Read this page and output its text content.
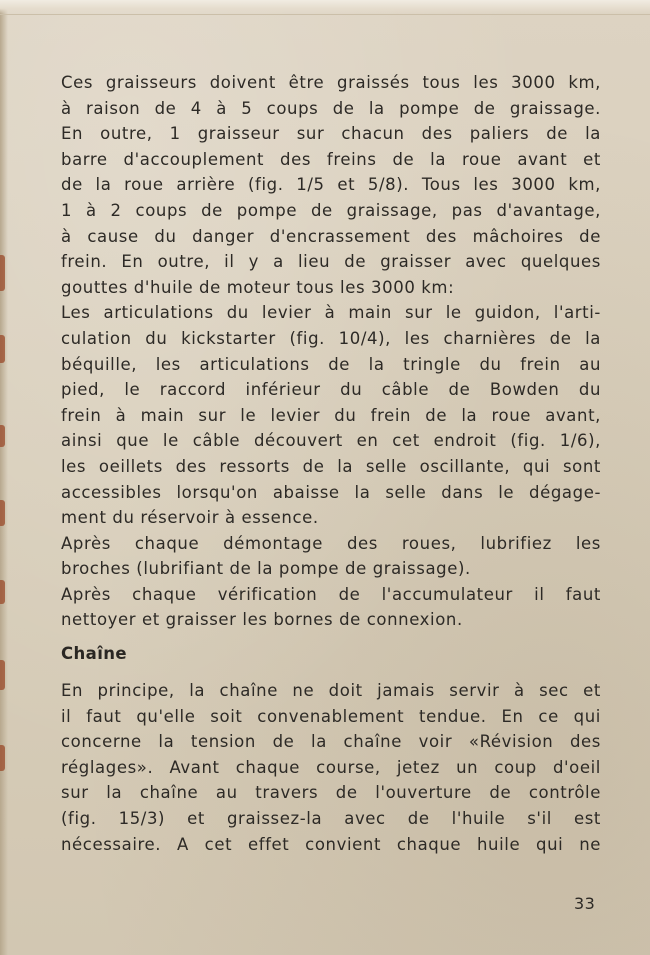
Ces graisseurs doivent être graissés tous les 3000 km,
à raison de 4 à 5 coups de la pompe de graissage.
En outre, 1 graisseur sur chacun des paliers de la
barre d'accouplement des freins de la roue avant et
de la roue arrière (fig. 1/5 et 5/8). Tous les 3000 km,
1 à 2 coups de pompe de graissage, pas d'avantage,
à cause du danger d'encrassement des mâchoires de
frein. En outre, il y a lieu de graisser avec quelques
gouttes d'huile de moteur tous les 3000 km:
Les articulations du levier à main sur le guidon, l'arti-
culation du kickstarter (fig. 10/4), les charnières de la
béquille, les articulations de la tringle du frein au
pied, le raccord inférieur du câble de Bowden du
frein à main sur le levier du frein de la roue avant,
ainsi que le câble découvert en cet endroit (fig. 1/6),
les oeillets des ressorts de la selle oscillante, qui sont
accessibles lorsqu'on abaisse la selle dans le dégage-
ment du réservoir à essence.
Après chaque démontage des roues, lubrifiez les
broches (lubrifiant de la pompe de graissage).
Après chaque vérification de l'accumulateur il faut
nettoyer et graisser les bornes de connexion.
Chaîne
En principe, la chaîne ne doit jamais servir à sec et
il faut qu'elle soit convenablement tendue. En ce qui
concerne la tension de la chaîne voir «Révision des
réglages». Avant chaque course, jetez un coup d'oeil
sur la chaîne au travers de l'ouverture de contrôle
(fig. 15/3) et graissez-la avec de l'huile s'il est
nécessaire. A cet effet convient chaque huile qui ne
33
